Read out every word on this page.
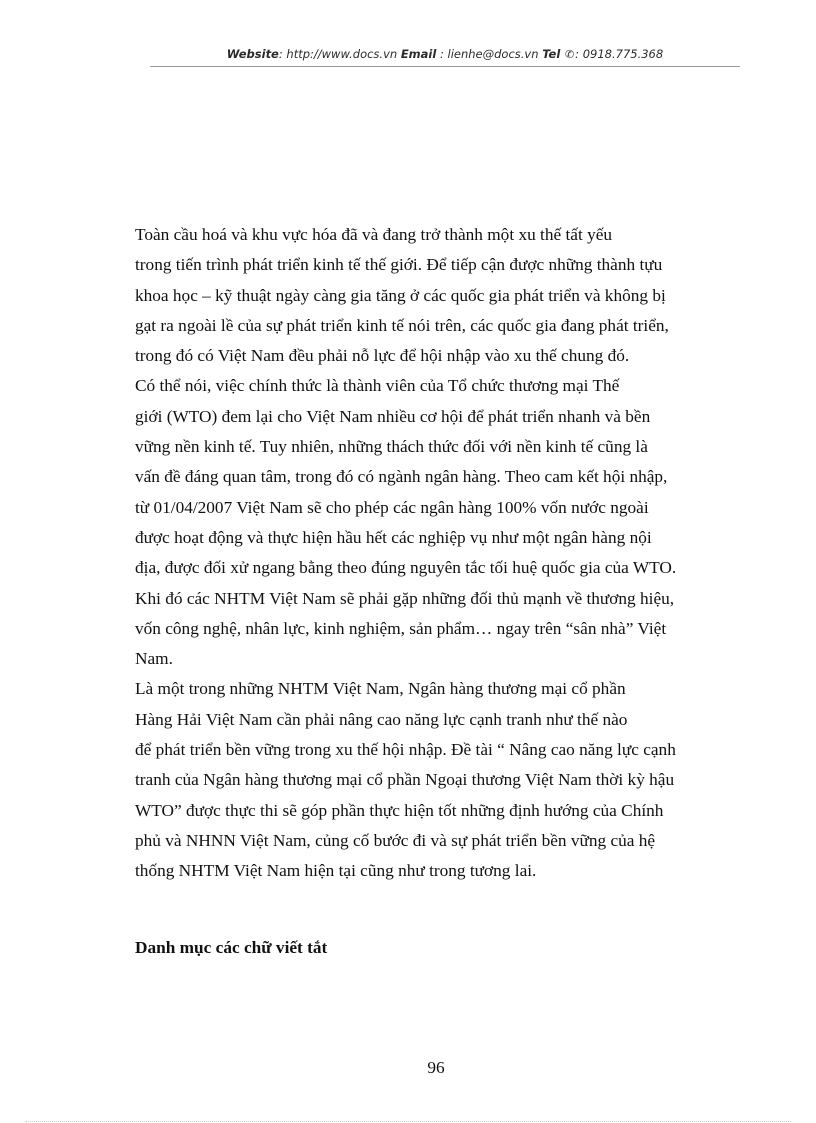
Website: http://www.docs.vn Email : lienhe@docs.vn Tel ✆: 0918.775.368
Toàn cầu hoá và khu vực hóa đã và đang trở thành một xu thế tất yếu
trong tiến trình phát triển kinh tế thế giới. Để tiếp cận được những thành tựu
khoa học – kỹ thuật ngày càng gia tăng ở các quốc gia phát triển và không bị
gạt ra ngoài lề của sự phát triển kinh tế nói trên, các quốc gia đang phát triển,
trong đó có Việt Nam đều phải nỗ lực để hội nhập vào xu thế chung đó.
Có thể nói, việc chính thức là thành viên của Tổ chức thương mại Thế
giới (WTO) đem lại cho Việt Nam nhiều cơ hội để phát triển nhanh và bền
vững nền kinh tế. Tuy nhiên, những thách thức đối với nền kinh tế cũng là
vấn đề đáng quan tâm, trong đó có ngành ngân hàng. Theo cam kết hội nhập,
từ 01/04/2007 Việt Nam sẽ cho phép các ngân hàng 100% vốn nước ngoài
được hoạt động và thực hiện hầu hết các nghiệp vụ như một ngân hàng nội
địa, được đối xử ngang bằng theo đúng nguyên tắc tối huệ quốc gia của WTO.
Khi đó các NHTM Việt Nam sẽ phải gặp những đối thủ mạnh về thương hiệu,
vốn công nghệ, nhân lực, kinh nghiệm, sản phẩm… ngay trên “sân nhà” Việt
Nam.
Là một trong những NHTM Việt Nam, Ngân hàng thương mại cổ phần
Hàng Hải Việt Nam cần phải nâng cao năng lực cạnh tranh như thế nào
để phát triển bền vững trong xu thế hội nhập. Đề tài “ Nâng cao năng lực cạnh
tranh của Ngân hàng thương mại cổ phần Ngoại thương Việt Nam thời kỳ hậu
WTO” được thực thi sẽ góp phần thực hiện tốt những định hướng của Chính
phủ và NHNN Việt Nam, củng cố bước đi và sự phát triển bền vững của hệ
thống NHTM Việt Nam hiện tại cũng như trong tương lai.
Danh mục các chữ viết tắt
96
